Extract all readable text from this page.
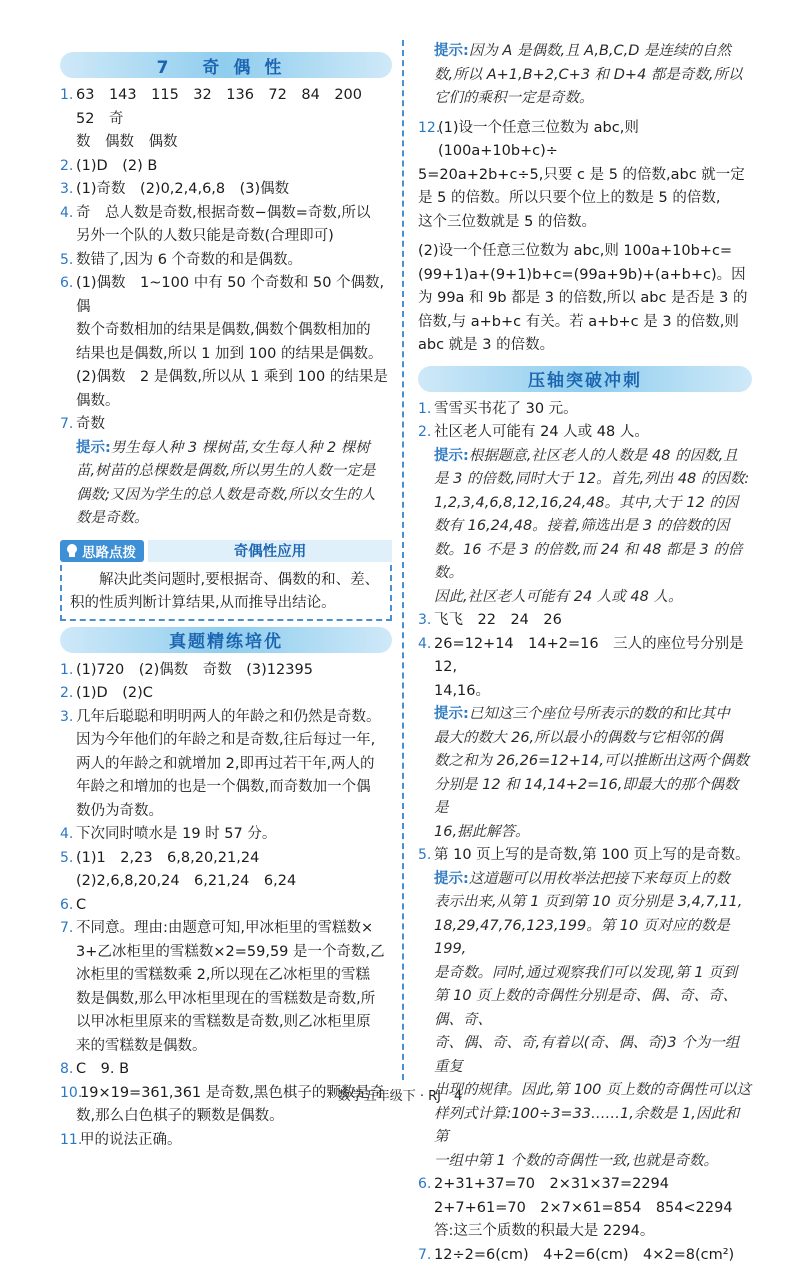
7 奇偶性
1. 63　143　115　32　136　72　84　200　52　奇
数　偶数　偶数
2. (1)D　(2) B
3. (1)奇数　(2)0,2,4,6,8　(3)偶数
4. 奇　总人数是奇数,根据奇数−偶数=奇数,所以
另外一个队的人数只能是奇数(合理即可)
5. 数错了,因为 6 个奇数的和是偶数。
6. (1)偶数　1~100 中有 50 个奇数和 50 个偶数,偶
数个奇数相加的结果是偶数,偶数个偶数相加的
结果也是偶数,所以 1 加到 100 的结果是偶数。
(2)偶数　2 是偶数,所以从 1 乘到 100 的结果是
偶数。
7. 奇数
提示:男生每人种 3 棵树苗,女生每人种 2 棵树
苗,树苗的总棵数是偶数,所以男生的人数一定是
偶数;又因为学生的总人数是奇数,所以女生的人
数是奇数。
思路点拨	奇偶性应用
解决此类问题时,要根据奇、偶数的和、差、积的性质判断计算结果,从而推导出结论。
真题精练培优
1. (1)720　(2)偶数　奇数　(3)12395
2. (1)D　(2)C
3. 几年后聪聪和明明两人的年龄之和仍然是奇数。
因为今年他们的年龄之和是奇数,往后每过一年,
两人的年龄之和就增加 2,即再过若干年,两人的
年龄之和增加的也是一个偶数,而奇数加一个偶
数仍为奇数。
4. 下次同时喷水是 19 时 57 分。
5. (1)1　2,23　6,8,20,21,24
(2)2,6,8,20,24　6,21,24　6,24
6. C
7. 不同意。理由:由题意可知,甲冰柜里的雪糕数×
3+乙冰柜里的雪糕数×2=59,59 是一个奇数,乙
冰柜里的雪糕数乘 2,所以现在乙冰柜里的雪糕
数是偶数,那么甲冰柜里现在的雪糕数是奇数,所
以甲冰柜里原来的雪糕数是奇数,则乙冰柜里原
来的雪糕数是偶数。
8. C　9. B
10.
19×19=361,361 是奇数,黑色棋子的颗数是奇
数,那么白色棋子的颗数是偶数。
11.
甲的说法正确。
提示:因为 A 是偶数,且 A,B,C,D 是连续的自然
数,所以 A+1,B+2,C+3 和 D+4 都是奇数,所以
它们的乘积一定是奇数。
12.
(1)设一个任意三位数为 abc,则(100a+10b+c)÷
5=20a+2b+c÷5,只要 c 是 5 的倍数,abc 就一定
是 5 的倍数。所以只要个位上的数是 5 的倍数,
这个三位数就是 5 的倍数。
(2)设一个任意三位数为 abc,则 100a+10b+c=
(99+1)a+(9+1)b+c=(99a+9b)+(a+b+c)。因
为 99a 和 9b 都是 3 的倍数,所以 abc 是否是 3 的
倍数,与 a+b+c 有关。若 a+b+c 是 3 的倍数,则
abc 就是 3 的倍数。
压轴突破冲刺
1. 雪雪买书花了 30 元。
2. 社区老人可能有 24 人或 48 人。
提示:根据题意,社区老人的人数是 48 的因数,且
是 3 的倍数,同时大于 12。首先,列出 48 的因数:
1,2,3,4,6,8,12,16,24,48。其中,大于 12 的因
数有 16,24,48。接着,筛选出是 3 的倍数的因
数。16 不是 3 的倍数,而 24 和 48 都是 3 的倍数。
因此,社区老人可能有 24 人或 48 人。
3. 飞飞　22　24　26
4. 26=12+14　14+2=16　三人的座位号分别是 12,
14,16。
提示:已知这三个座位号所表示的数的和比其中
最大的数大 26,所以最小的偶数与它相邻的偶
数之和为 26,26=12+14,可以推断出这两个偶数
分别是 12 和 14,14+2=16,即最大的那个偶数是
16,据此解答。
5. 第 10 页上写的是奇数,第 100 页上写的是奇数。
提示:这道题可以用枚举法把接下来每页上的数
表示出来,从第 1 页到第 10 页分别是 3,4,7,11,
18,29,47,76,123,199。第 10 页对应的数是 199,
是奇数。同时,通过观察我们可以发现,第 1 页到
第 10 页上数的奇偶性分别是奇、偶、奇、奇、偶、奇、
奇、偶、奇、奇,有着以(奇、偶、奇)3 个为一组重复
出现的规律。因此,第 100 页上数的奇偶性可以这
样列式计算:100÷3=33……1,余数是 1,因此和第
一组中第 1 个数的奇偶性一致,也就是奇数。
6. 2+31+37=70　2×31×37=2294
2+7+61=70　2×7×61=854　854<2294
答:这三个质数的积最大是 2294。
7. 12÷2=6(cm)　4+2=6(cm)　4×2=8(cm²)
数学五年级下 · RJ　4
